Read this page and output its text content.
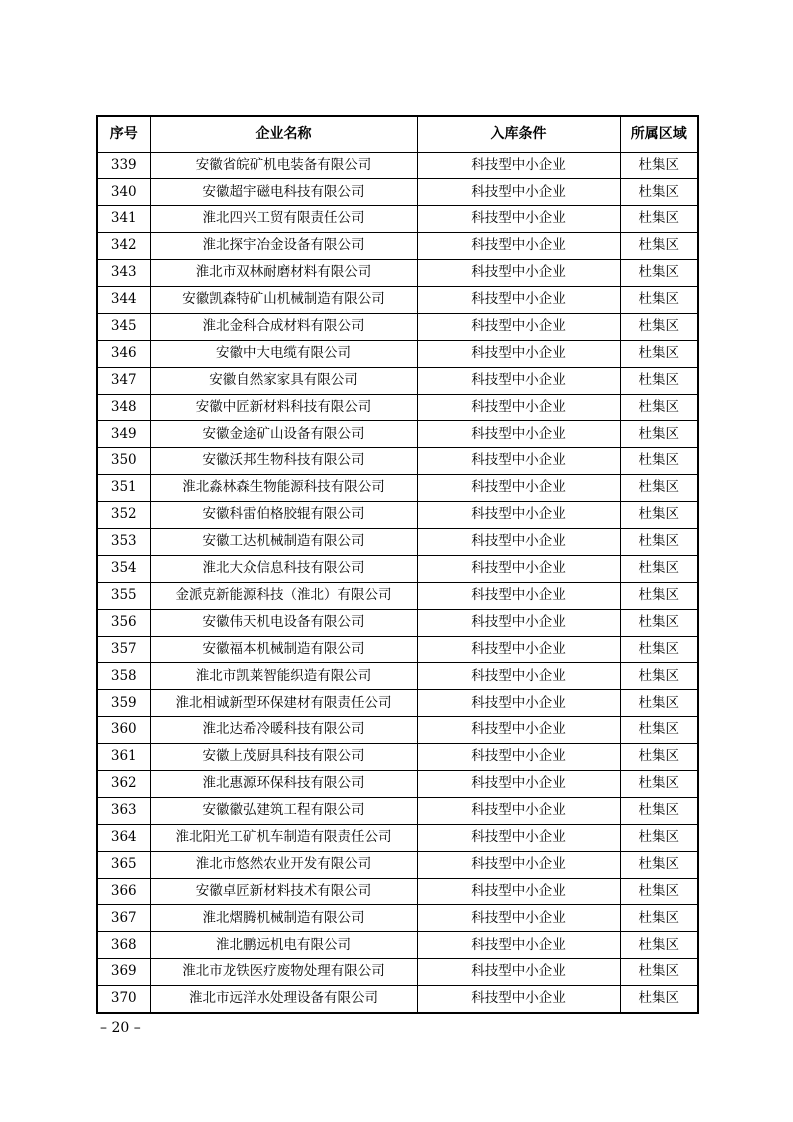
序号	企业名称	入库条件	所属区域
339	安徽省皖矿机电装备有限公司	科技型中小企业	杜集区
340	安徽超宇磁电科技有限公司	科技型中小企业	杜集区
341	淮北四兴工贸有限责任公司	科技型中小企业	杜集区
342	淮北探宇冶金设备有限公司	科技型中小企业	杜集区
343	淮北市双林耐磨材料有限公司	科技型中小企业	杜集区
344	安徽凯森特矿山机械制造有限公司	科技型中小企业	杜集区
345	淮北金科合成材料有限公司	科技型中小企业	杜集区
346	安徽中大电缆有限公司	科技型中小企业	杜集区
347	安徽自然家家具有限公司	科技型中小企业	杜集区
348	安徽中匠新材料科技有限公司	科技型中小企业	杜集区
349	安徽金途矿山设备有限公司	科技型中小企业	杜集区
350	安徽沃邦生物科技有限公司	科技型中小企业	杜集区
351	淮北淼林森生物能源科技有限公司	科技型中小企业	杜集区
352	安徽科雷伯格胶辊有限公司	科技型中小企业	杜集区
353	安徽工达机械制造有限公司	科技型中小企业	杜集区
354	淮北大众信息科技有限公司	科技型中小企业	杜集区
355	金派克新能源科技（淮北）有限公司	科技型中小企业	杜集区
356	安徽伟天机电设备有限公司	科技型中小企业	杜集区
357	安徽福本机械制造有限公司	科技型中小企业	杜集区
358	淮北市凯莱智能织造有限公司	科技型中小企业	杜集区
359	淮北相诚新型环保建材有限责任公司	科技型中小企业	杜集区
360	淮北达希冷暖科技有限公司	科技型中小企业	杜集区
361	安徽上茂厨具科技有限公司	科技型中小企业	杜集区
362	淮北惠源环保科技有限公司	科技型中小企业	杜集区
363	安徽徽弘建筑工程有限公司	科技型中小企业	杜集区
364	淮北阳光工矿机车制造有限责任公司	科技型中小企业	杜集区
365	淮北市悠然农业开发有限公司	科技型中小企业	杜集区
366	安徽卓匠新材料技术有限公司	科技型中小企业	杜集区
367	淮北熠腾机械制造有限公司	科技型中小企业	杜集区
368	淮北鹏远机电有限公司	科技型中小企业	杜集区
369	淮北市龙铁医疗废物处理有限公司	科技型中小企业	杜集区
370	淮北市远洋水处理设备有限公司	科技型中小企业	杜集区
– 20 –
